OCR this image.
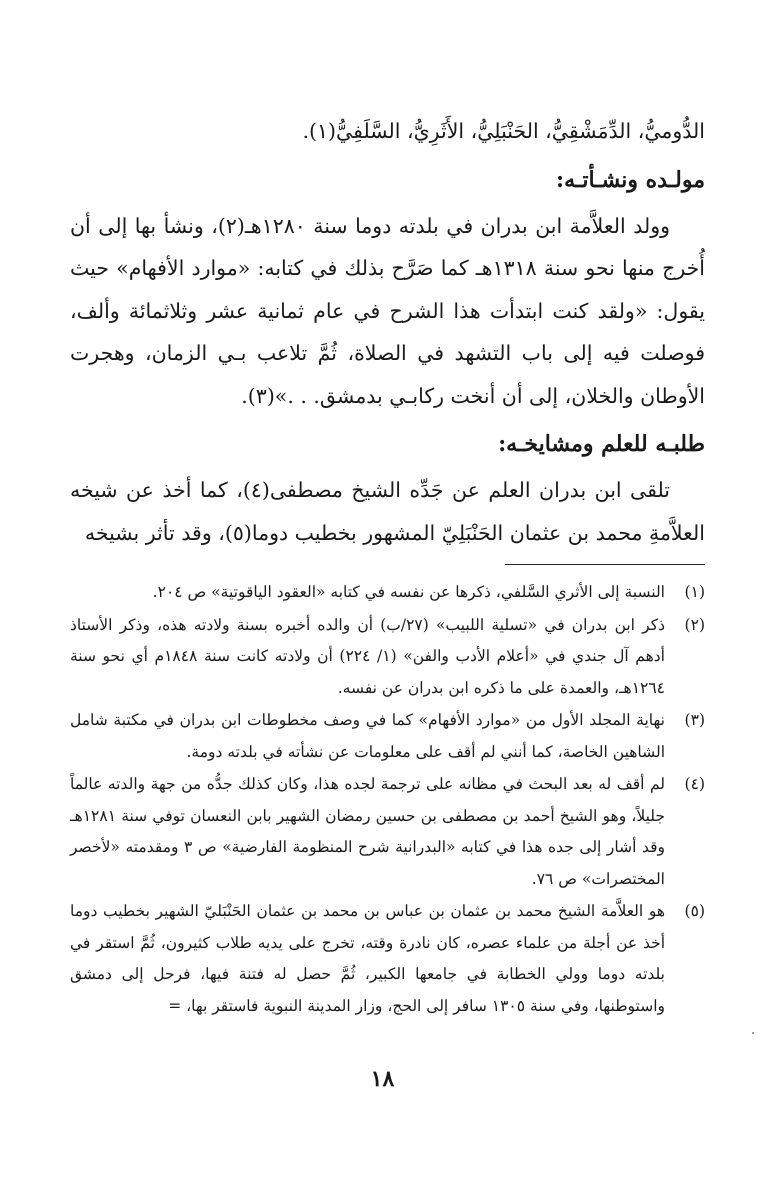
الدُّوميُّ، الدِّمَشْقِيُّ، الحَنْبَلِيُّ، الأَثَرِيُّ، السَّلَفِيُّ(١).

مولـده ونشـأتـه:

وولد العلاَّمة ابن بدران في بلدته دوما سنة ١٢٨٠هـ(٢)، ونشأ بها إلى أن أُخرج منها نحو سنة ١٣١٨هـ كما صَرَّح بذلك في كتابه: «موارد الأفهام» حيث يقول: «ولقد كنت ابتدأت هذا الشرح في عام ثمانية عشر وثلاثمائة وألف، فوصلت فيه إلى باب التشهد في الصلاة، ثُمَّ تلاعب بـي الزمان، وهجرت الأوطان والخلان، إلى أن أنخت ركابـي بدمشق. . .»(٣).

طلبـه للعلم ومشايخـه:

تلقى ابن بدران العلم عن جَدِّه الشيخ مصطفى(٤)، كما أخذ عن شيخه العلاَّمةِ محمد بن عثمان الحَنْبَلِيّ المشهور بخطيب دوما(٥)، وقد تأثر بشيخه

(١)
النسبة إلى الأثري السَّلفي، ذكرها عن نفسه في كتابه «العقود الياقوتية» ص ٢٠٤.
(٢)
ذكر ابن بدران في «تسلية اللبيب» (٢٧/ب) أن والده أخبره بسنة ولادته هذه، وذكر الأستاذ أدهم آل جندي في «أعلام الأدب والفن» (١/ ٢٢٤) أن ولادته كانت سنة ١٨٤٨م أي نحو سنة ١٢٦٤هـ، والعمدة على ما ذكره ابن بدران عن نفسه.
(٣)
نهاية المجلد الأول من «موارد الأفهام» كما في وصف مخطوطات ابن بدران في مكتبة شامل الشاهين الخاصة، كما أنني لم أقف على معلومات عن نشأته في بلدته دومة.
(٤)
لم أقف له بعد البحث في مظانه على ترجمة لجده هذا، وكان كذلك جدُّه من جهة والدته عالماً جليلاً، وهو الشيخ أحمد بن مصطفى بن حسين رمضان الشهير بابن النعسان توفي سنة ١٢٨١هـ وقد أشار إلى جده هذا في كتابه «البدرانية شرح المنظومة الفارضية» ص ٣ ومقدمته «لأخصر المختصرات» ص ٧٦.
(٥)
هو العلاَّمة الشيخ محمد بن عثمان بن عباس بن محمد بن عثمان الحَنْبَليّ الشهير بخطيب دوما أخذ عن أجلة من علماء عصره، كان نادرة وقته، تخرج على يديه طلاب كثيرون، ثُمَّ استقر في بلدته دوما وولي الخطابة في جامعها الكبير، ثُمَّ حصل له فتنة فيها، فرحل إلى دمشق واستوطنها، وفي سنة ١٣٠٥ سافر إلى الحج، وزار المدينة النبوية فاستقر بها، =
١٨
